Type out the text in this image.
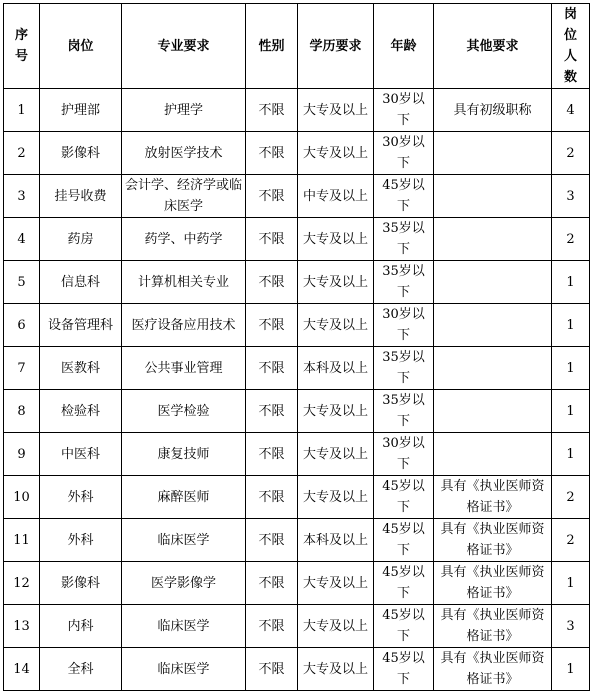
序号	岗位	专业要求	性别	学历要求	年龄	其他要求	岗位人数
1	护理部	护理学	不限	大专及以上	30岁以下	具有初级职称	4
2	影像科	放射医学技术	不限	大专及以上	30岁以下		2
3	挂号收费	会计学、经济学或临床医学	不限	中专及以上	45岁以下		3
4	药房	药学、中药学	不限	大专及以上	35岁以下		2
5	信息科	计算机相关专业	不限	大专及以上	35岁以下		1
6	设备管理科	医疗设备应用技术	不限	大专及以上	30岁以下		1
7	医教科	公共事业管理	不限	本科及以上	35岁以下		1
8	检验科	医学检验	不限	大专及以上	35岁以下		1
9	中医科	康复技师	不限	大专及以上	30岁以下		1
10	外科	麻醉医师	不限	大专及以上	45岁以下	具有《执业医师资格证书》	2
11	外科	临床医学	不限	本科及以上	45岁以下	具有《执业医师资格证书》	2
12	影像科	医学影像学	不限	大专及以上	45岁以下	具有《执业医师资格证书》	1
13	内科	临床医学	不限	大专及以上	45岁以下	具有《执业医师资格证书》	3
14	全科	临床医学	不限	大专及以上	45岁以下	具有《执业医师资格证书》	1
